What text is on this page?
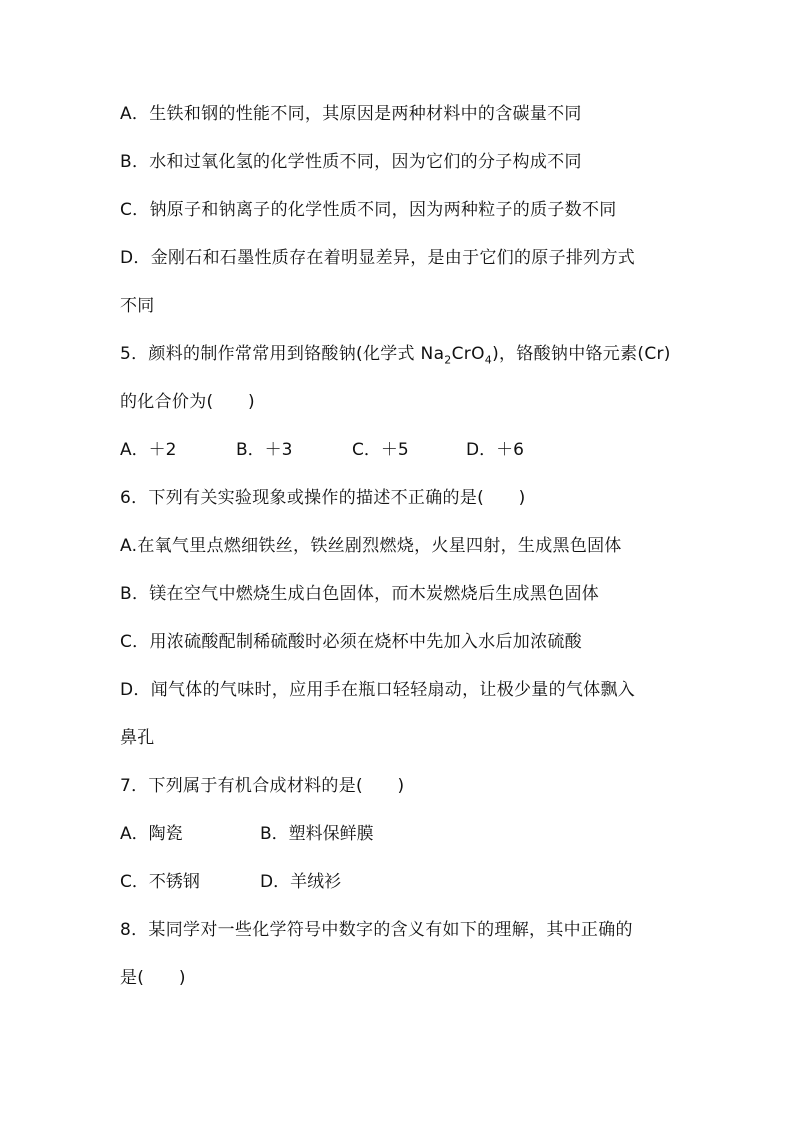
A．生铁和钢的性能不同，其原因是两种材料中的含碳量不同
B．水和过氧化氢的化学性质不同，因为它们的分子构成不同
C．钠原子和钠离子的化学性质不同，因为两种粒子的质子数不同
D．金刚石和石墨性质存在着明显差异，是由于它们的原子排列方式
不同
5．颜料的制作常常用到铬酸钠(化学式 $Na_2CrO_4$)，铬酸钠中铬元素(Cr)
的化合价为(　　)
A．＋2	B．＋3	C．＋5	D．＋6
6．下列有关实验现象或操作的描述不正确的是(　　)
A.在氧气里点燃细铁丝，铁丝剧烈燃烧，火星四射，生成黑色固体
B．镁在空气中燃烧生成白色固体，而木炭燃烧后生成黑色固体
C．用浓硫酸配制稀硫酸时必须在烧杯中先加入水后加浓硫酸
D．闻气体的气味时，应用手在瓶口轻轻扇动，让极少量的气体飘入
鼻孔
7．下列属于有机合成材料的是(　　)
A．陶瓷	B．塑料保鲜膜
C．不锈钢	D．羊绒衫
8．某同学对一些化学符号中数字的含义有如下的理解，其中正确的
是(　　)
